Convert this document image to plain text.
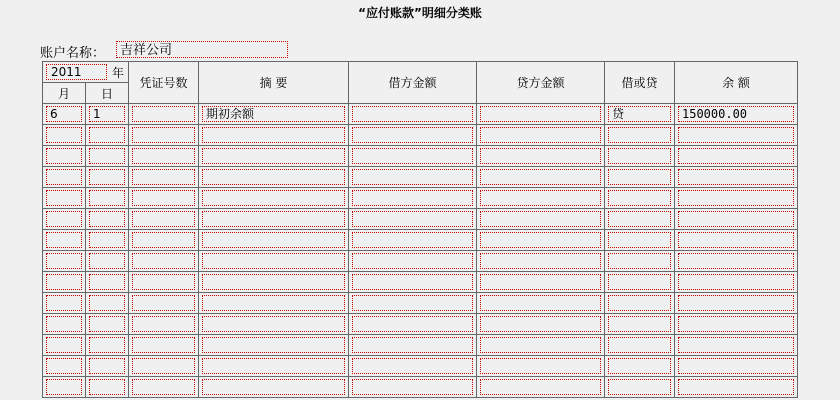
“应付账款”明细分类账
账户名称：	吉祥公司
2011 年		凭证号数	摘 要	借方金额	贷方金额	借或贷	余 额
月	日						

6	1		期初余额			贷	150000.00
